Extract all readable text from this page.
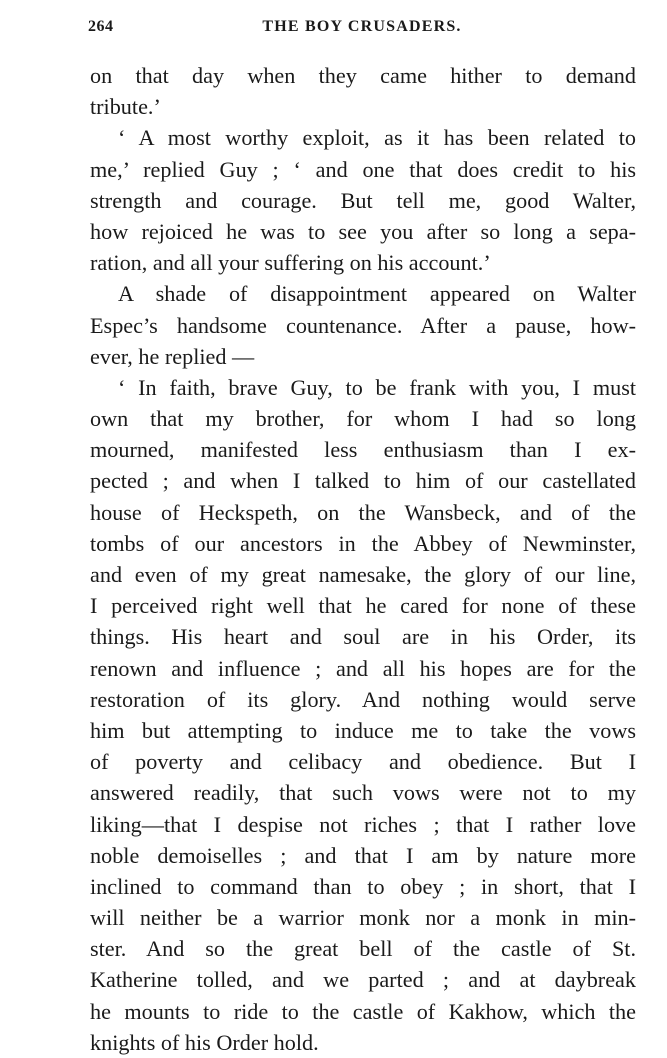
264	THE BOY CRUSADERS.
on that day when they came hither to demand
tribute.’
‘ A most worthy exploit, as it has been related to
me,’ replied Guy ; ‘ and one that does credit to his
strength and courage. But tell me, good Walter,
how rejoiced he was to see you after so long a sepa-
ration, and all your suffering on his account.’
A shade of disappointment appeared on Walter
Espec’s handsome countenance. After a pause, how-
ever, he replied —
‘ In faith, brave Guy, to be frank with you, I must
own that my brother, for whom I had so long
mourned, manifested less enthusiasm than I ex-
pected ; and when I talked to him of our castellated
house of Heckspeth, on the Wansbeck, and of the
tombs of our ancestors in the Abbey of Newminster,
and even of my great namesake, the glory of our line,
I perceived right well that he cared for none of these
things. His heart and soul are in his Order, its
renown and influence ; and all his hopes are for the
restoration of its glory. And nothing would serve
him but attempting to induce me to take the vows
of poverty and celibacy and obedience. But I
answered readily, that such vows were not to my
liking—that I despise not riches ; that I rather love
noble demoiselles ; and that I am by nature more
inclined to command than to obey ; in short, that I
will neither be a warrior monk nor a monk in min-
ster. And so the great bell of the castle of St.
Katherine tolled, and we parted ; and at daybreak
he mounts to ride to the castle of Kakhow, which the
knights of his Order hold.
